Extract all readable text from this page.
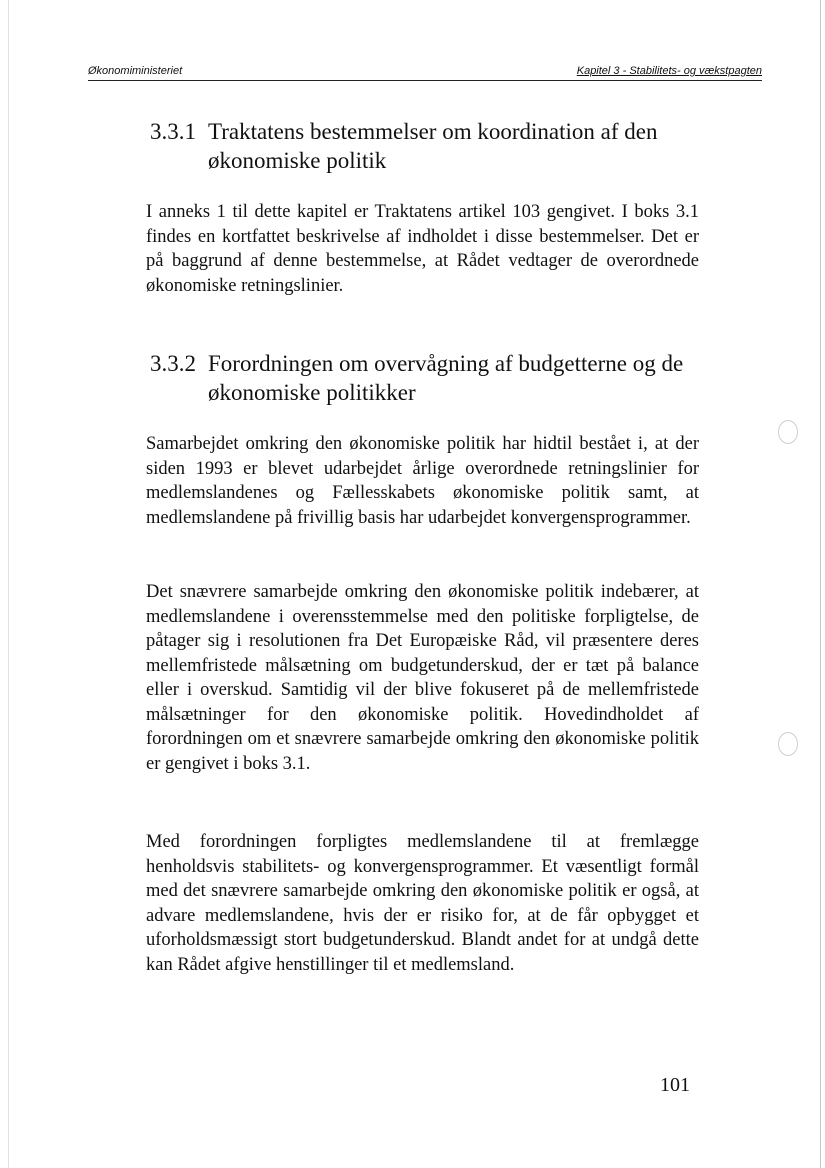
Økonomiministeriet	Kapitel 3 - Stabilitets- og vækstpagten
3.3.1 Traktatens bestemmelser om koordination af den
økonomiske politik

I anneks 1 til dette kapitel er Traktatens artikel 103 gengivet. I boks 3.1 findes en kortfattet beskrivelse af indholdet i disse bestemmelser. Det er på baggrund af denne bestemmelse, at Rådet vedtager de overordnede økonomiske retningslinier.

3.3.2 Forordningen om overvågning af budgetterne og de
økonomiske politikker

Samarbejdet omkring den økonomiske politik har hidtil bestået i, at der siden 1993 er blevet udarbejdet årlige overordnede retningslinier for medlemslandenes og Fællesskabets økonomiske politik samt, at medlemslandene på frivillig basis har udarbejdet konvergensprogrammer.

Det snævrere samarbejde omkring den økonomiske politik indebærer, at medlemslandene i overensstemmelse med den politiske forpligtelse, de påtager sig i resolutionen fra Det Europæiske Råd, vil præsentere deres mellemfristede målsætning om budgetunderskud, der er tæt på balance eller i overskud. Samtidig vil der blive fokuseret på de mellemfristede målsætninger for den økonomiske politik. Hovedindholdet af forordningen om et snævrere samarbejde omkring den økonomiske politik er gengivet i boks 3.1.

Med forordningen forpligtes medlemslandene til at fremlægge henholdsvis stabilitets- og konvergensprogrammer. Et væsentligt formål med det snævrere samarbejde omkring den økonomiske politik er også, at advare medlemslandene, hvis der er risiko for, at de får opbygget et uforholdsmæssigt stort budgetunderskud. Blandt andet for at undgå dette kan Rådet afgive henstillinger til et medlemsland.

101
